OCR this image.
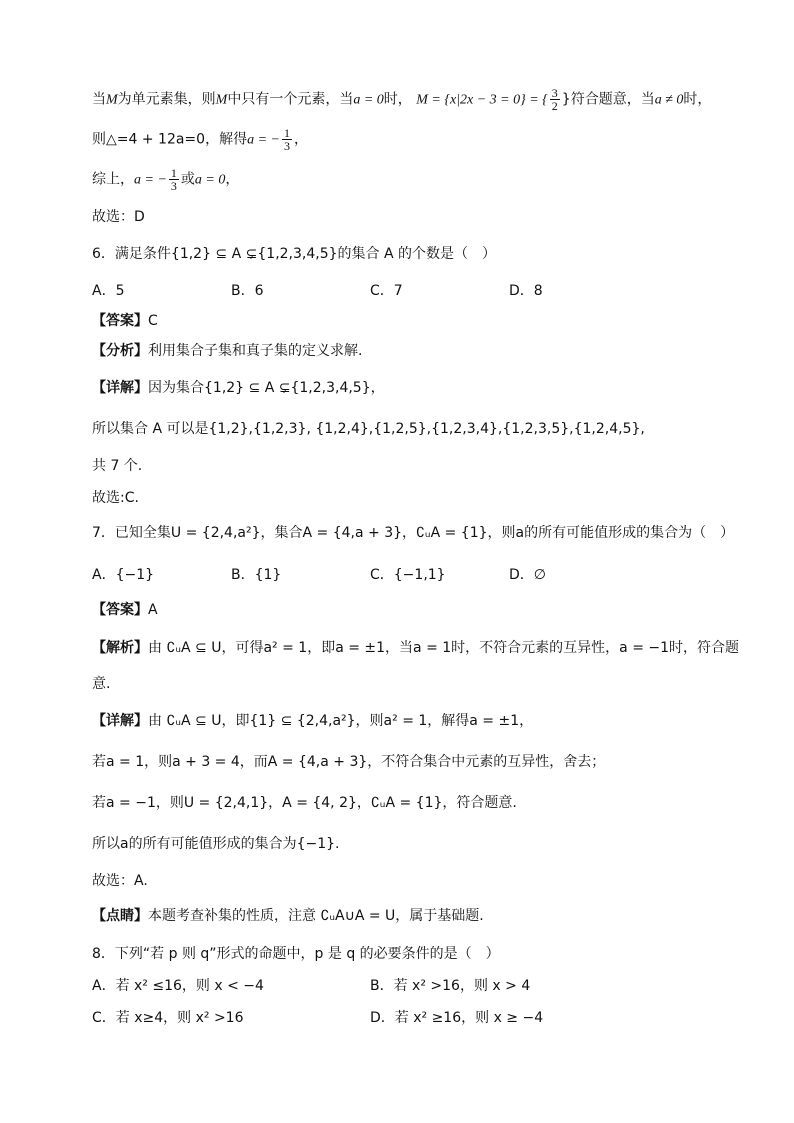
当M为单元素集，则M中只有一个元素，当a = 0时， M = {x|2x − 3 = 0} = { $\frac{3}{2}$ }符合题意，当a ≠ 0时，
则△=4 + 12a=0，解得a = − $\frac{1}{3}$ ，
综上，a = − $\frac{1}{3}$ 或a = 0，
故选：D
6．满足条件{1,2} ⊆ A ⊊{1,2,3,4,5}的集合 A 的个数是（　）
A．5	B．6	C．7	D．8
【答案】C
【分析】利用集合子集和真子集的定义求解.
【详解】因为集合{1,2} ⊆ A ⊊{1,2,3,4,5}，
所以集合 A 可以是{1,2},{1,2,3}, {1,2,4},{1,2,5},{1,2,3,4},{1,2,3,5},{1,2,4,5},
共 7 个.
故选:C.
7．已知全集U = {2,4,a²}，集合A = {4,a + 3}，∁ᵤA = {1}，则a的所有可能值形成的集合为（　）
A．{−1}	B．{1}	C．{−1,1}	D．∅
【答案】A
【解析】由 ∁ᵤA ⊆ U，可得a² = 1，即a = ±1，当a = 1时，不符合元素的互异性，a = −1时，符合题
意.
【详解】由 ∁ᵤA ⊆ U，即{1} ⊆ {2,4,a²}，则a² = 1，解得a = ±1，
若a = 1，则a + 3 = 4，而A = {4,a + 3}，不符合集合中元素的互异性，舍去；
若a = −1，则U = {2,4,1}，A = {4, 2}，∁ᵤA = {1}，符合题意.
所以a的所有可能值形成的集合为{−1}.
故选：A.
【点睛】本题考查补集的性质，注意 ∁ᵤA∪A = U，属于基础题.
8．下列“若 p 则 q”形式的命题中，p 是 q 的必要条件的是（　）
A．若 x² ≤16，则 x < −4	B．若 x² >16，则 x > 4
C．若 x≥4，则 x² >16	D．若 x² ≥16，则 x ≥ −4
